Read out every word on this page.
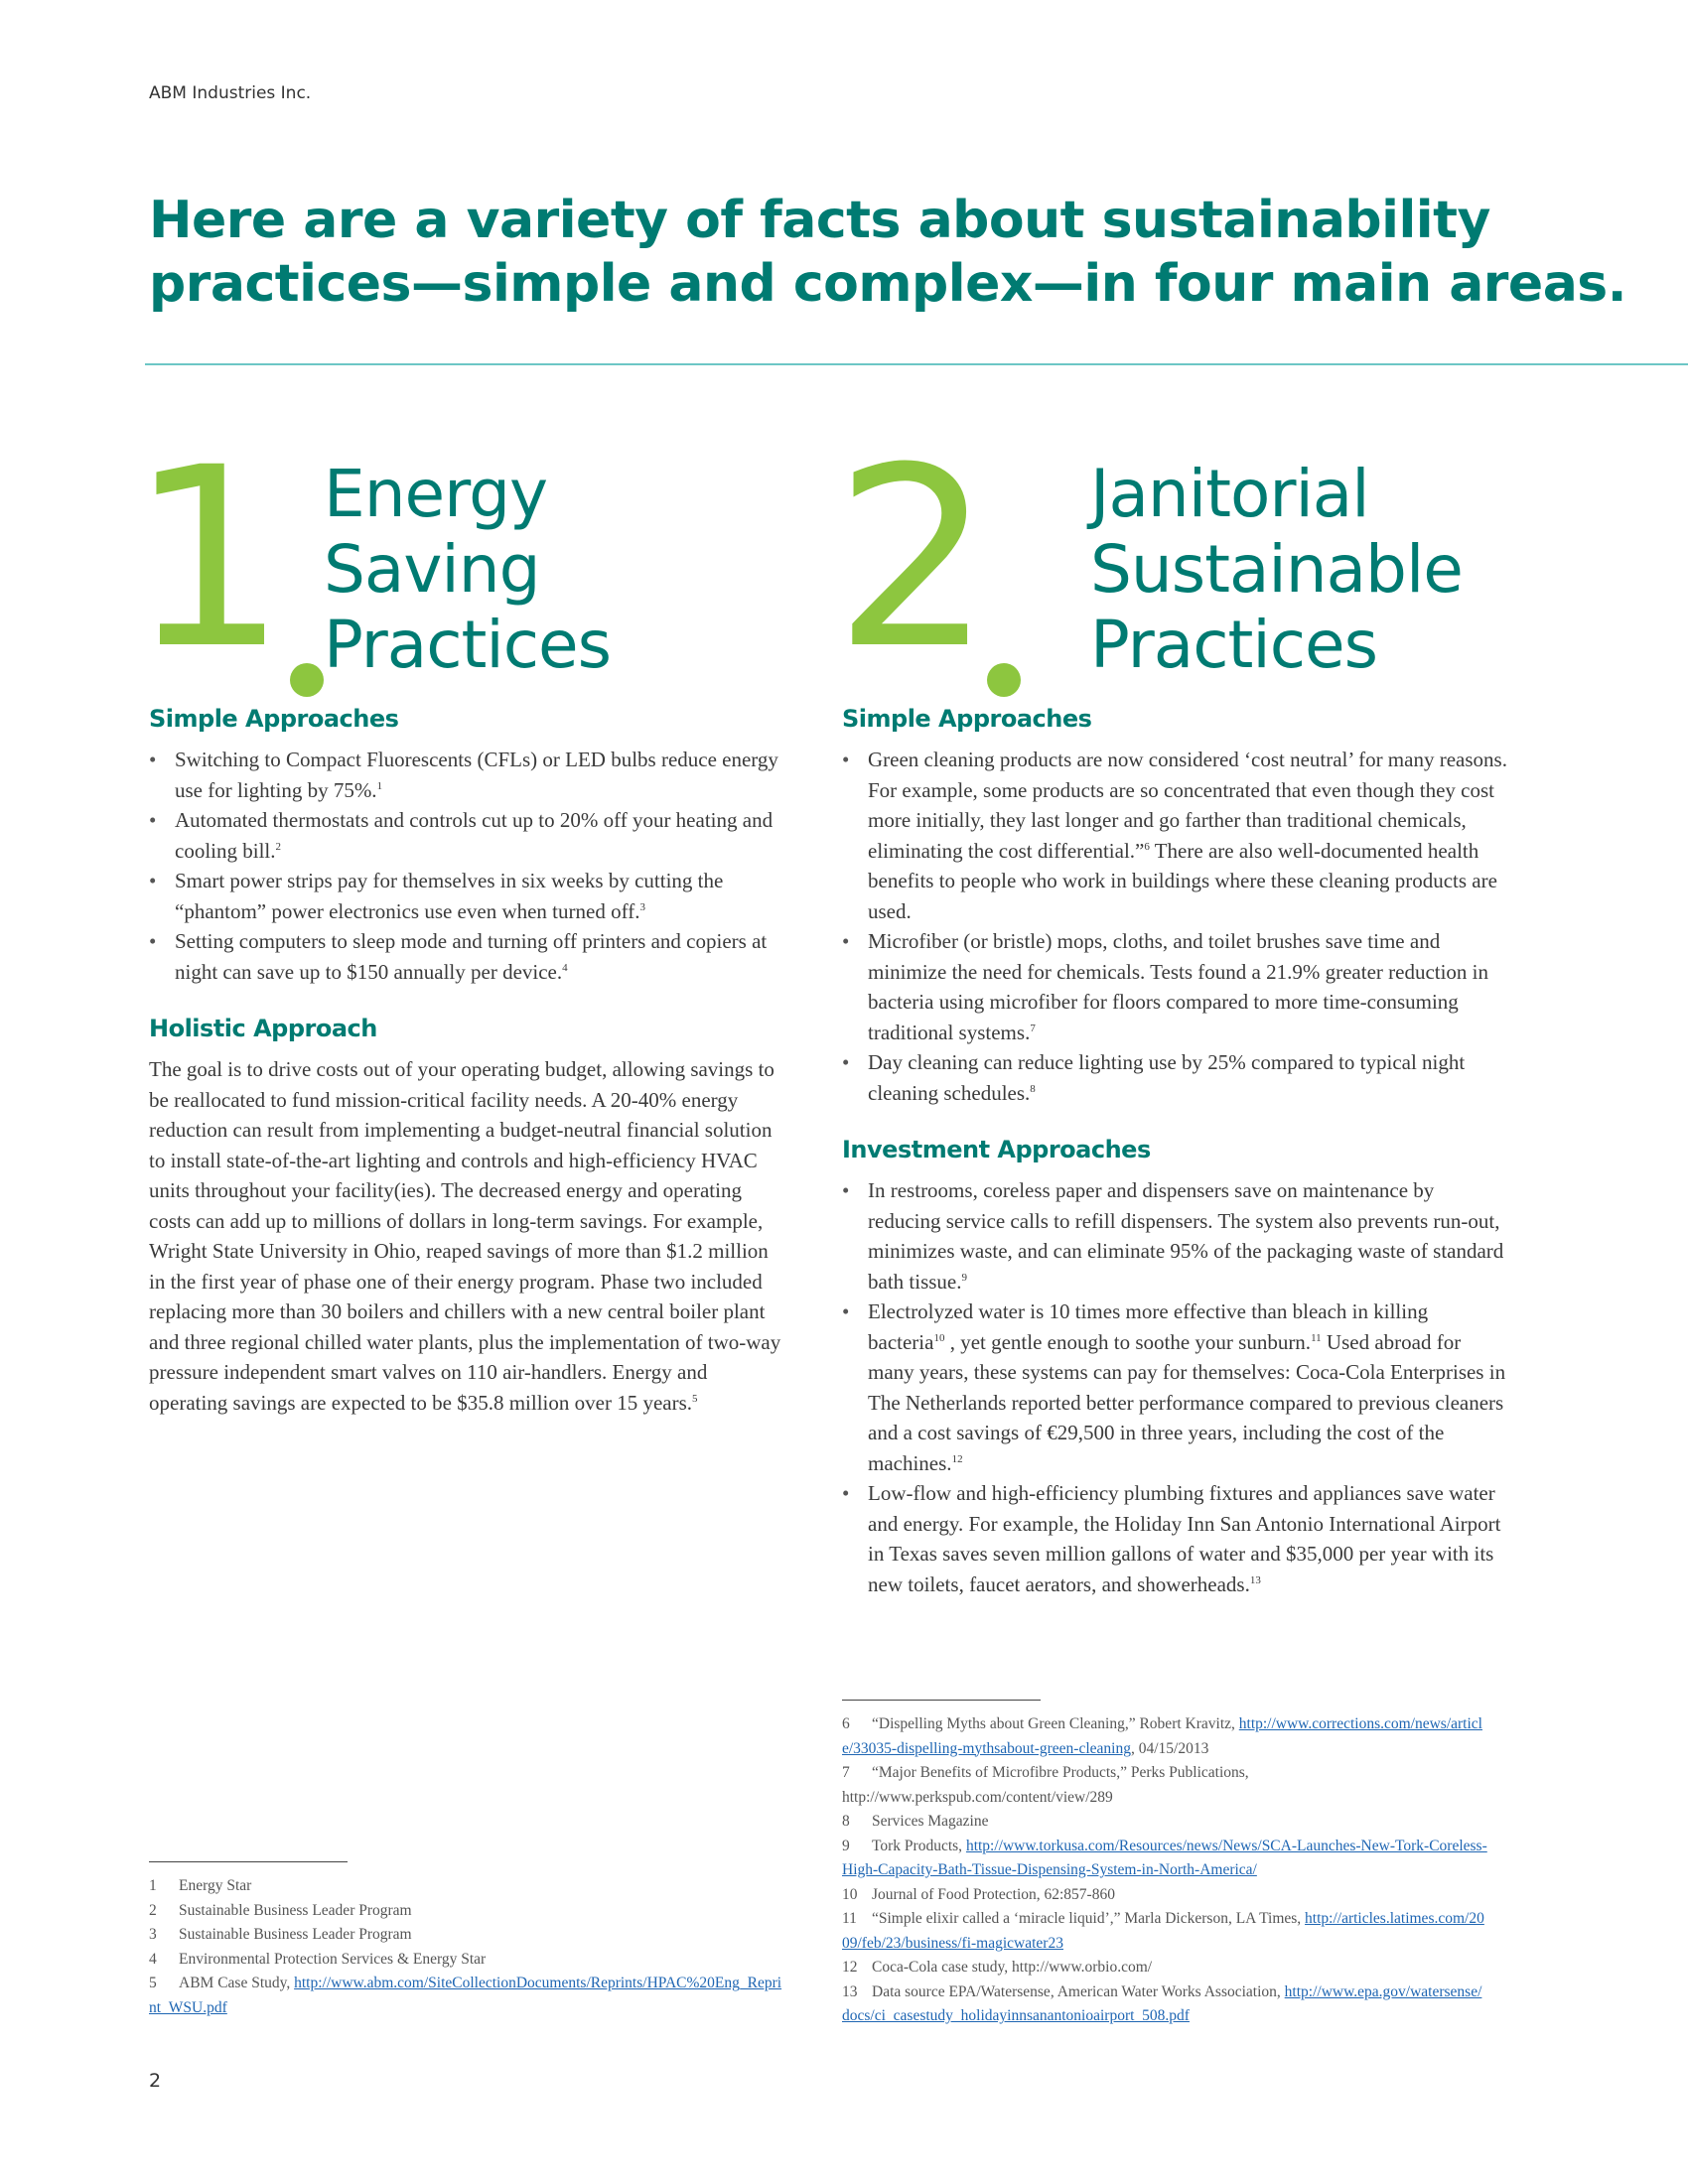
ABM Industries Inc.
Here are a variety of facts about sustainability
practices—simple and complex—in four main areas.
1 Energy
Saving
Practices
Simple Approaches
• Switching to Compact Fluorescents (CFLs) or LED bulbs reduce energy use for lighting by 75%.$^1$
• Automated thermostats and controls cut up to 20% off your heating and cooling bill.$^2$
• Smart power strips pay for themselves in six weeks by cutting the “phantom” power electronics use even when turned off.$^3$
• Setting computers to sleep mode and turning off printers and copiers at night can save up to $150 annually per device.$^4$
Holistic Approach

The goal is to drive costs out of your operating budget, allowing savings to be reallocated to fund mission-critical facility needs. A 20-40% energy reduction can result from implementing a budget-neutral financial solution to install state-of-the-art lighting and controls and high-efficiency HVAC units throughout your facility(ies). The decreased energy and operating costs can add up to millions of dollars in long-term savings. For example, Wright State University in Ohio, reaped savings of more than $1.2 million in the first year of phase one of their energy program. Phase two included replacing more than 30 boilers and chillers with a new central boiler plant and three regional chilled water plants, plus the implementation of two-way pressure independent smart valves on 110 air-handlers. Energy and operating savings are expected to be $35.8 million over 15 years.$^5$

2 Janitorial
Sustainable
Practices
Simple Approaches
• Green cleaning products are now considered ‘cost neutral’ for many reasons. For example, some products are so concentrated that even though they cost more initially, they last longer and go farther than traditional chemicals, eliminating the cost differential.”$^6$ There are also well-documented health benefits to people who work in buildings where these cleaning products are used.
• Microfiber (or bristle) mops, cloths, and toilet brushes save time and minimize the need for chemicals. Tests found a 21.9% greater reduction in bacteria using microfiber for floors compared to more time-consuming traditional systems.$^7$
• Day cleaning can reduce lighting use by 25% compared to typical night cleaning schedules.$^8$
Investment Approaches
• In restrooms, coreless paper and dispensers save on maintenance by reducing service calls to refill dispensers. The system also prevents run-out, minimizes waste, and can eliminate 95% of the packaging waste of standard bath tissue.$^9$
• Electrolyzed water is 10 times more effective than bleach in killing bacteria$^{10}$ , yet gentle enough to soothe your sunburn.$^{11}$ Used abroad for many years, these systems can pay for themselves: Coca-Cola Enterprises in The Netherlands reported better performance compared to previous cleaners and a cost savings of €29,500 in three years, including the cost of the machines.$^{12}$
• Low-flow and high-efficiency plumbing fixtures and appliances save water and energy. For example, the Holiday Inn San Antonio International Airport in Texas saves seven million gallons of water and $35,000 per year with its new toilets, faucet aerators, and showerheads.$^{13}$
1 Energy Star
2 Sustainable Business Leader Program
3 Sustainable Business Leader Program
4 Environmental Protection Services & Energy Star
5 ABM Case Study, http://www.abm.com/SiteCollectionDocuments/Reprints/HPAC%20Eng_Reprint_WSU.pdf
6 “Dispelling Myths about Green Cleaning,” Robert Kravitz, http://www.corrections.com/news/article/33035-dispelling-mythsabout-green-cleaning, 04/15/2013
7 “Major Benefits of Microfibre Products,” Perks Publications, http://www.perkspub.com/content/view/289
8 Services Magazine
9 Tork Products, http://www.torkusa.com/Resources/news/News/SCA-Launches-New-Tork-Coreless-High-Capacity-Bath-Tissue-Dispensing-System-in-North-America/
10 Journal of Food Protection, 62:857-860
11 “Simple elixir called a ‘miracle liquid’,” Marla Dickerson, LA Times, http://articles.latimes.com/2009/feb/23/business/fi-magicwater23
12 Coca-Cola case study, http://www.orbio.com/
13 Data source EPA/Watersense, American Water Works Association, http://www.epa.gov/watersense/docs/ci_casestudy_holidayinnsanantonioairport_508.pdf
2
